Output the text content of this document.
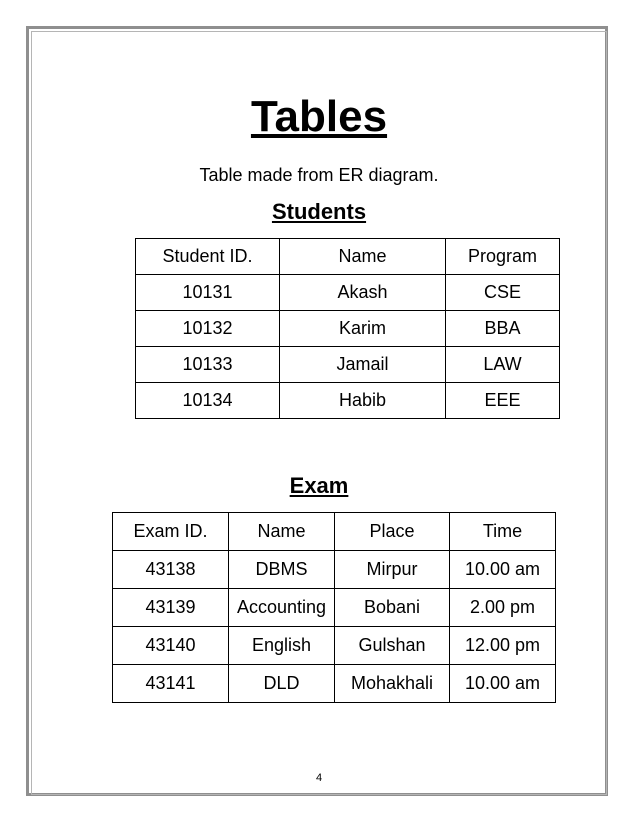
Tables
Table made from ER diagram.
Students
Student ID.	Name	Program
10131	Akash	CSE
10132	Karim	BBA
10133	Jamail	LAW
10134	Habib	EEE
Exam
Exam ID.	Name	Place	Time
43138	DBMS	Mirpur	10.00 am
43139	Accounting	Bobani	2.00 pm
43140	English	Gulshan	12.00 pm
43141	DLD	Mohakhali	10.00 am
4
